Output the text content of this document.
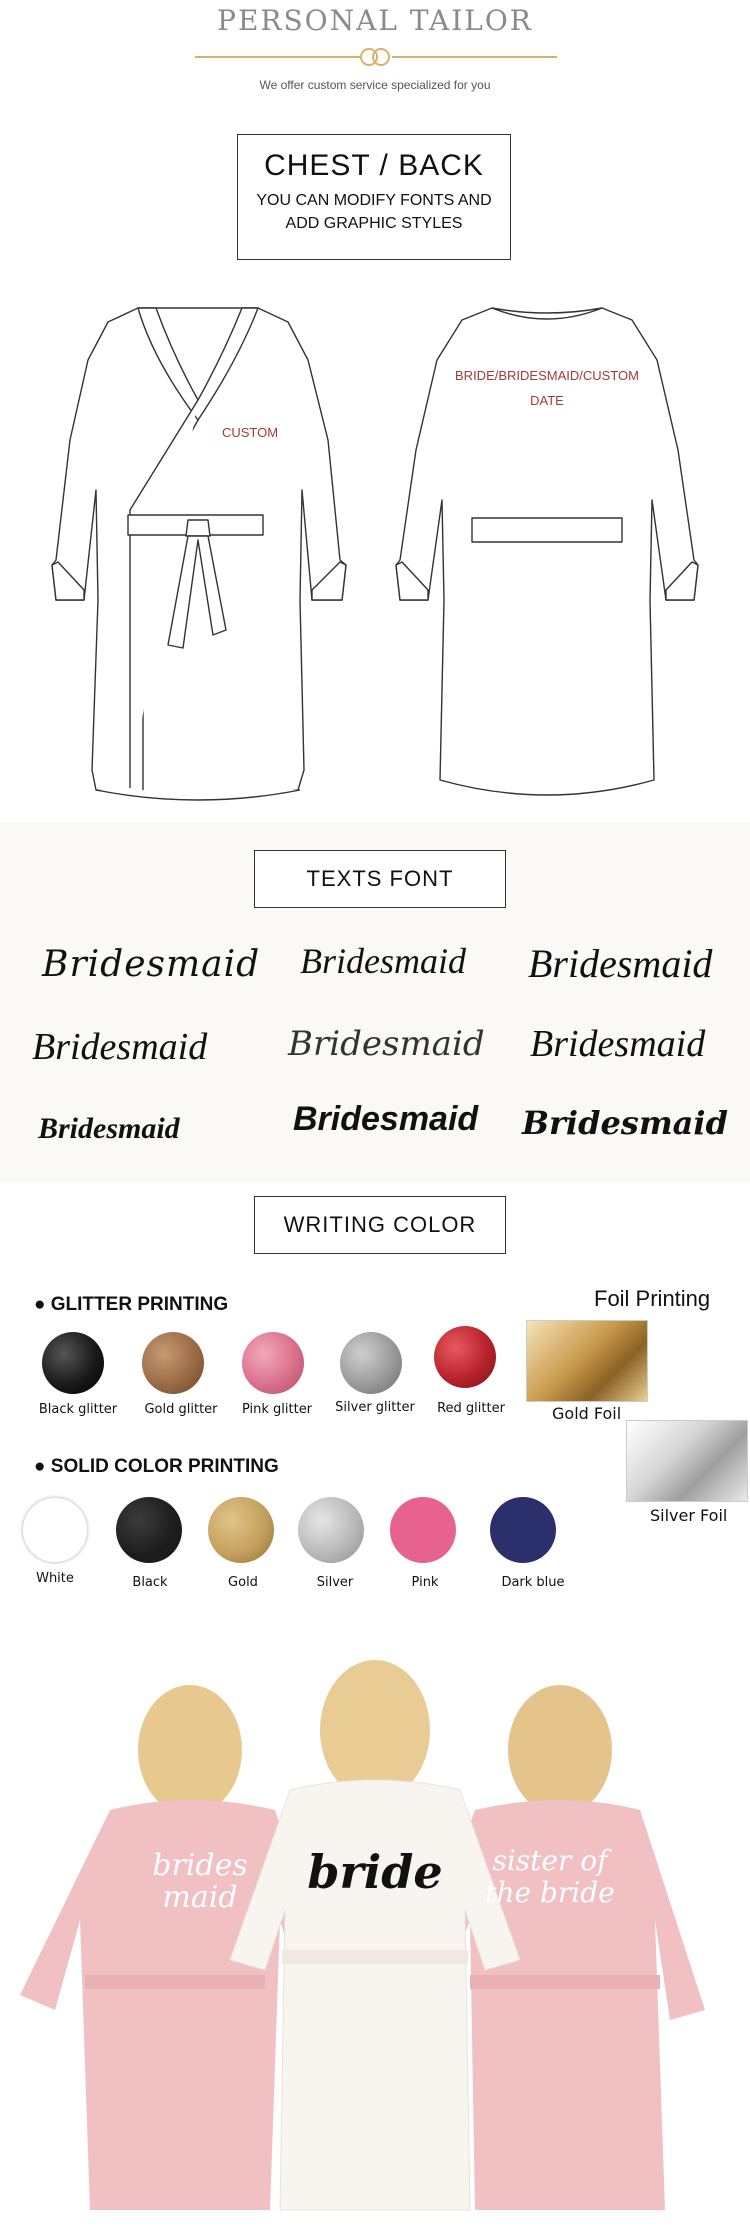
PERSONAL TAILOR
We offer custom service specialized for you
CHEST / BACK
YOU CAN MODIFY FONTS AND
ADD GRAPHIC STYLES
CUSTOM
BRIDE/BRIDESMAID/CUSTOM
DATE
TEXTS FONT
Bridesmaid Bridesmaid Bridesmaid
Bridesmaid Bridesmaid Bridesmaid
Bridesmaid	Bridesmaid Bridesmaid
WRITING COLOR
● GLITTER PRINTING
Black glitter	Gold glitter	Pink glitter	Silver glitter	Red glitter
Foil Printing
Gold Foil
Silver Foil
● SOLID COLOR PRINTING
White	Black	Gold	Silver	Pink	Dark blue
brides maid	bride sister of the bride
